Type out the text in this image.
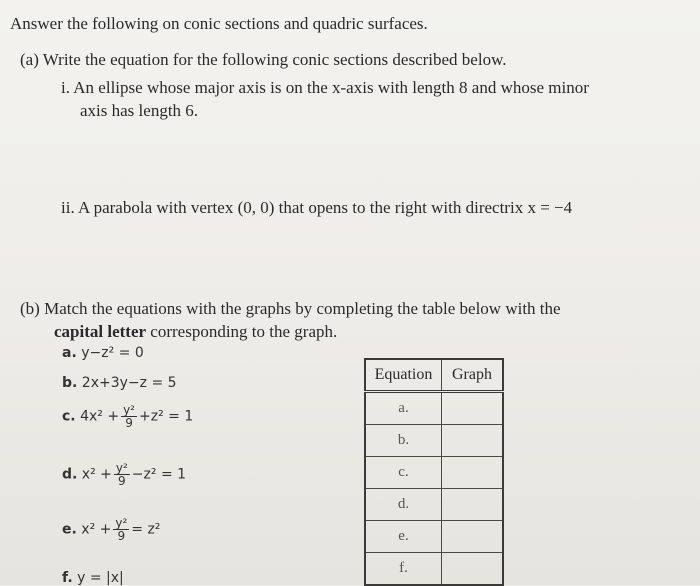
Answer the following on conic sections and quadric surfaces.
(a) Write the equation for the following conic sections described below.
i. An ellipse whose major axis is on the x-axis with length 8 and whose minor
axis has length 6.
ii. A parabola with vertex (0, 0) that opens to the right with directrix x = −4
(b) Match the equations with the graphs by completing the table below with the
capital letter corresponding to the graph.
a. y−z² = 0
b. 2x+3y−z = 5
c. $4x^2 + \frac{\text{y²}}{9} +z^2 = 1$
d. $x^2 + \frac{\text{y²}}{9} -z^2 = 1$
e. $x^2 + \frac{\text{y²}}{9} = z^2$
f. y = |x|
Equation	Graph
a.	
b.	
c.	
d.	
e.	
f.	
